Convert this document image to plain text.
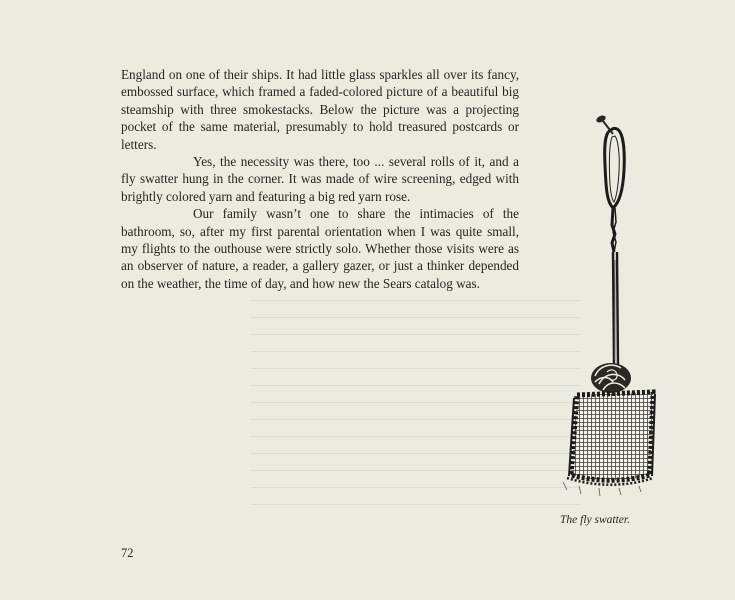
England on one of their ships. It had little glass sparkles all over its fancy, embossed surface, which framed a faded-colored picture of a beautiful big steamship with three smokestacks. Below the picture was a projecting pocket of the same material, presumably to hold treasured postcards or letters.

Yes, the necessity was there, too ... several rolls of it, and a fly swatter hung in the corner. It was made of wire screening, edged with brightly colored yarn and featuring a big red yarn rose.

Our family wasn’t one to share the intimacies of the bathroom, so, after my first parental orientation when I was quite small, my flights to the outhouse were strictly solo. Whether those visits were as an observer of nature, a reader, a gallery gazer, or just a thinker depended on the weather, the time of day, and how new the Sears catalog was.

The fly swatter.
72
